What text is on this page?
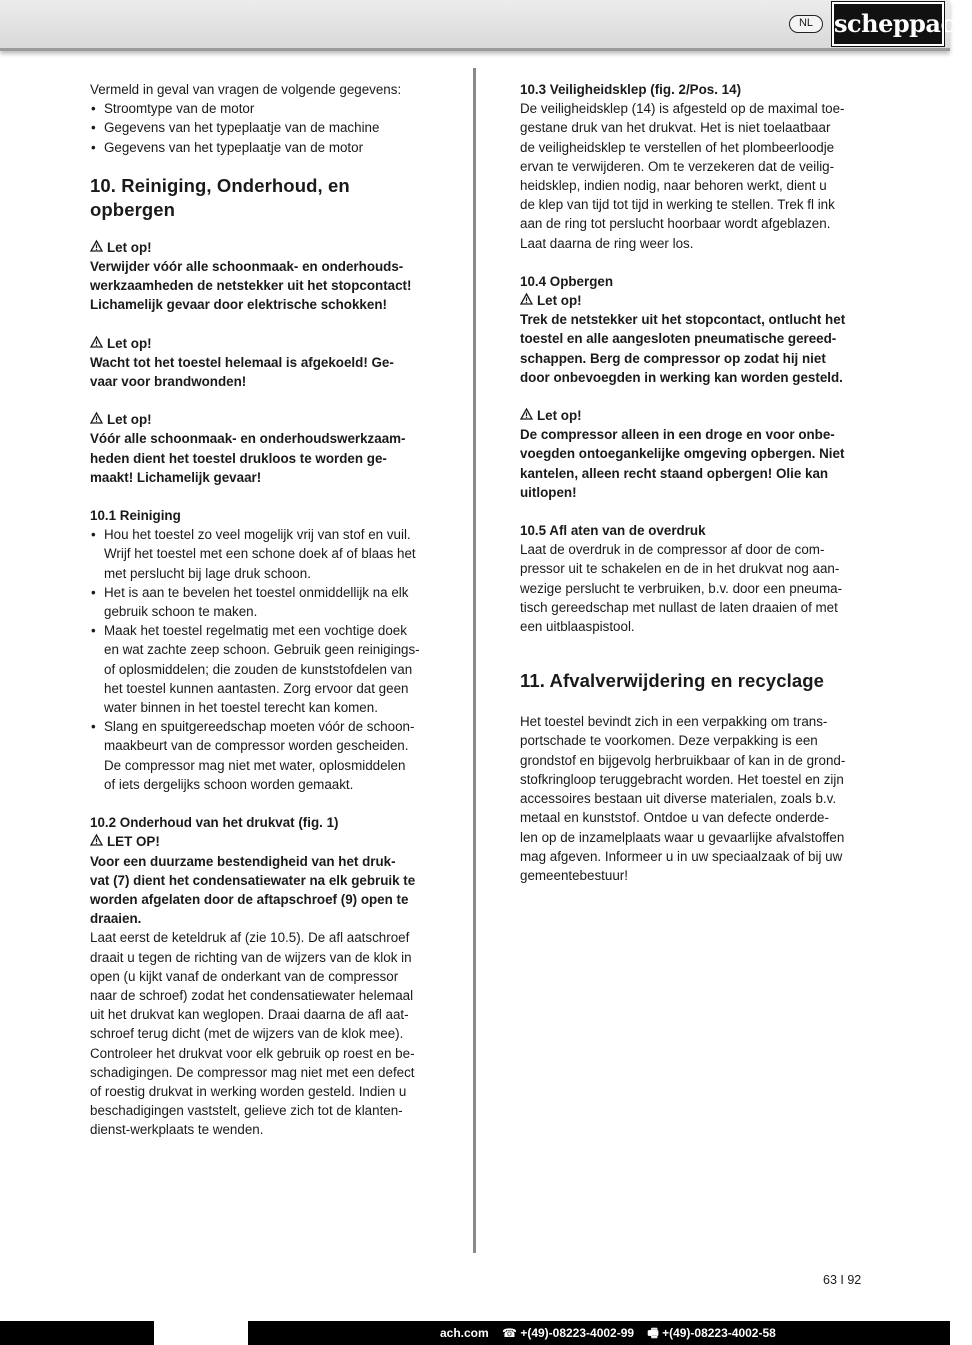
NL scheppach

Vermeld in geval van vragen de volgende gegevens:

• Stroomtype van de motor
• Gegevens van het typeplaatje van de machine
• Gegevens van het typeplaatje van de motor
10. Reiniging, Onderhoud, en opbergen

Let op!

Verwijder vóór alle schoonmaak- en onderhouds-

werkzaamheden de netstekker uit het stopcontact!

Lichamelijk gevaar door elektrische schokken!

Let op!

Wacht tot het toestel helemaal is afgekoeld! Ge-

vaar voor brandwonden!

Let op!

Vóór alle schoonmaak- en onderhoudswerkzaam-

heden dient het toestel drukloos te worden ge-

maakt! Lichamelijk gevaar!

10.1 Reiniging

• Hou het toestel zo veel mogelijk vrij van stof en vuil.

Wrijf het toestel met een schone doek af of blaas het

met perslucht bij lage druk schoon.

• Het is aan te bevelen het toestel onmiddellijk na elk

gebruik schoon te maken.

• Maak het toestel regelmatig met een vochtige doek

en wat zachte zeep schoon. Gebruik geen reinigings-

of oplosmiddelen; die zouden de kunststofdelen van

het toestel kunnen aantasten. Zorg ervoor dat geen

water binnen in het toestel terecht kan komen.

• Slang en spuitgereedschap moeten vóór de schoon-

maakbeurt van de compressor worden gescheiden.

De compressor mag niet met water, oplosmiddelen

of iets dergelijks schoon worden gemaakt.

10.2 Onderhoud van het drukvat (fig. 1)

LET OP!

Voor een duurzame bestendigheid van het druk-

vat (7) dient het condensatiewater na elk gebruik te

worden afgelaten door de aftapschroef (9) open te

draaien.

Laat eerst de keteldruk af (zie 10.5). De afl aatschroef

draait u tegen de richting van de wijzers van de klok in

open (u kijkt vanaf de onderkant van de compressor

naar de schroef) zodat het condensatiewater helemaal

uit het drukvat kan weglopen. Draai daarna de afl aat-

schroef terug dicht (met de wijzers van de klok mee).

Controleer het drukvat voor elk gebruik op roest en be-

schadigingen. De compressor mag niet met een defect

of roestig drukvat in werking worden gesteld. Indien u

beschadigingen vaststelt, gelieve zich tot de klanten-

dienst-werkplaats te wenden.

10.3 Veiligheidsklep (fig. 2/Pos. 14)

De veiligheidsklep (14) is afgesteld op de maximal toe-

gestane druk van het drukvat. Het is niet toelaatbaar

de veiligheidsklep te verstellen of het plombeerloodje

ervan te verwijderen. Om te verzekeren dat de veilig-

heidsklep, indien nodig, naar behoren werkt, dient u

de klep van tijd tot tijd in werking te stellen. Trek fl ink

aan de ring tot perslucht hoorbaar wordt afgeblazen.

Laat daarna de ring weer los.

10.4 Opbergen

Let op!

Trek de netstekker uit het stopcontact, ontlucht het

toestel en alle aangesloten pneumatische gereed-

schappen. Berg de compressor op zodat hij niet

door onbevoegden in werking kan worden gesteld.

Let op!

De compressor alleen in een droge en voor onbe-

voegden ontoegankelijke omgeving opbergen. Niet

kantelen, alleen recht staand opbergen! Olie kan

uitlopen!

10.5 Afl aten van de overdruk

Laat de overdruk in de compressor af door de com-

pressor uit te schakelen en de in het drukvat nog aan-

wezige perslucht te verbruiken, b.v. door een pneuma-

tisch gereedschap met nullast de laten draaien of met

een uitblaaspistool.

11. Afvalverwijdering en recyclage

Het toestel bevindt zich in een verpakking om trans-

portschade te voorkomen. Deze verpakking is een

grondstof en bijgevolg herbruikbaar of kan in de grond-

stofkringloop teruggebracht worden. Het toestel en zijn

accessoires bestaan uit diverse materialen, zoals b.v.

metaal en kunststof. Ontdoe u van defecte onderde-

len op de inzamelplaats waar u gevaarlijke afvalstoffen

mag afgeven. Informeer u in uw speciaalzaak of bij uw

gemeentebestuur!

63 I 92
ach.com ☎ +(49)-08223-4002-99 🖷 +(49)-08223-4002-58
